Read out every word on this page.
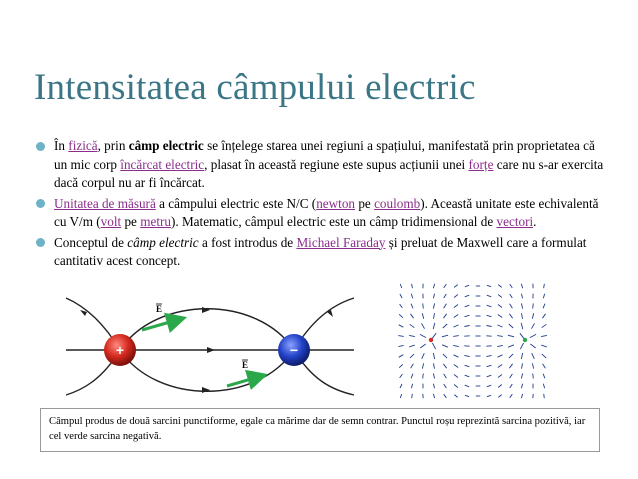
Intensitatea câmpului electric
În fizică, prin câmp electric se înțelege starea unei regiuni a spațiului, manifestată prin proprietatea că un mic corp încărcat electric, plasat în această regiune este supus acțiunii unei forțe care nu s-ar exercita dacă corpul nu ar fi încărcat.
Unitatea de măsură a câmpului electric este N/C (newton pe coulomb). Această unitate este echivalentă cu V/m (volt pe metru). Matematic, câmpul electric este un câmp tridimensional de vectori.
Conceptul de câmp electric a fost introdus de Michael Faraday și preluat de Maxwell care a formulat cantitativ acest concept.
E
E
+	−
Câmpul produs de două sarcini punctiforme, egale ca mărime dar de semn contrar. Punctul roșu reprezintă sarcina pozitivă, iar cel verde sarcina negativă.
